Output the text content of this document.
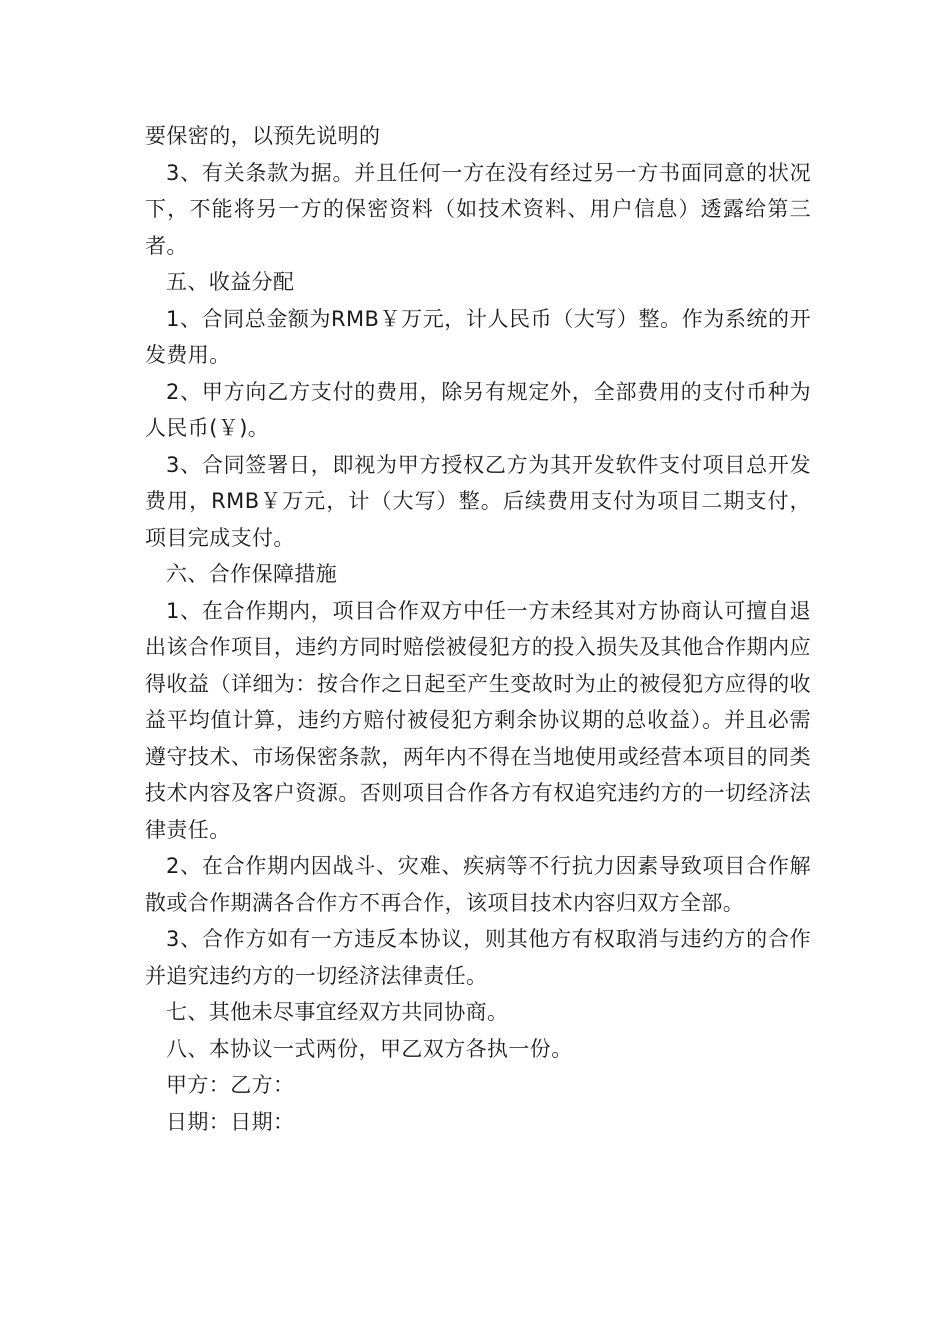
要保密的，以预先说明的

3、有关条款为据。并且任何一方在没有经过另一方书面同意的状况下，不能将另一方的保密资料（如技术资料、用户信息）透露给第三者。

五、收益分配

1、合同总金额为RMB￥万元，计人民币（大写）整。作为系统的开发费用。

2、甲方向乙方支付的费用，除另有规定外，全部费用的支付币种为人民币(￥)。

3、合同签署日，即视为甲方授权乙方为其开发软件支付项目总开发费用，RMB￥万元，计（大写）整。后续费用支付为项目二期支付，项目完成支付。

六、合作保障措施

1、在合作期内，项目合作双方中任一方未经其对方协商认可擅自退出该合作项目，违约方同时赔偿被侵犯方的投入损失及其他合作期内应得收益（详细为：按合作之日起至产生变故时为止的被侵犯方应得的收益平均值计算，违约方赔付被侵犯方剩余协议期的总收益）。并且必需遵守技术、市场保密条款，两年内不得在当地使用或经营本项目的同类技术内容及客户资源。否则项目合作各方有权追究违约方的一切经济法律责任。

2、在合作期内因战斗、灾难、疾病等不行抗力因素导致项目合作解散或合作期满各合作方不再合作，该项目技术内容归双方全部。

3、合作方如有一方违反本协议，则其他方有权取消与违约方的合作并追究违约方的一切经济法律责任。

七、其他未尽事宜经双方共同协商。

八、本协议一式两份，甲乙双方各执一份。

甲方：乙方：

日期：日期：
